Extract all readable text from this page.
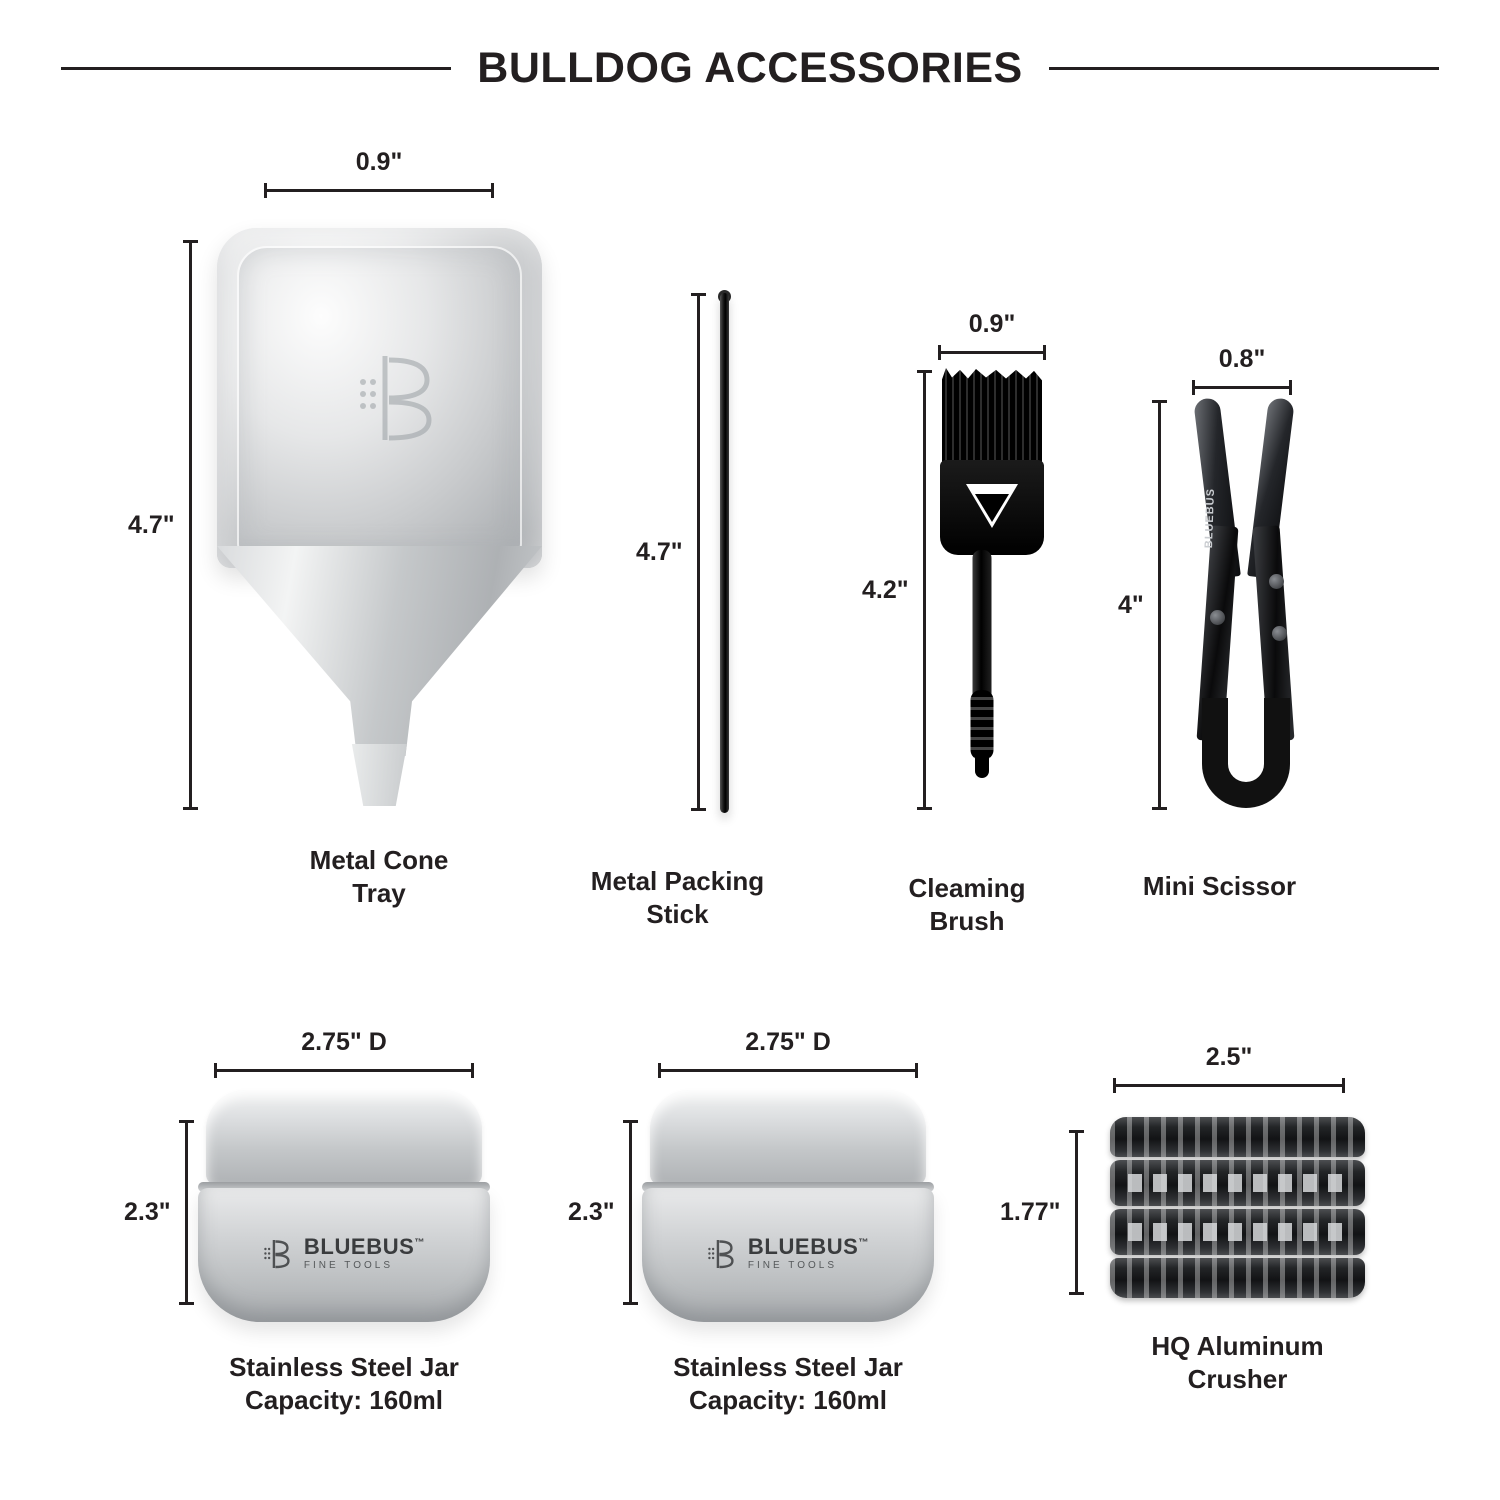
BULLDOG ACCESSORIES
0.9"
4.7"
Metal Cone
Tray
4.7"
Metal Packing
Stick
0.9"
4.2"
Cleaming
Brush
0.8"
4"
BLUEBUS
Mini Scissor
2.75" D
2.3"
BLUEBUS™
FINE TOOLS
Stainless Steel Jar
Capacity: 160ml
2.75" D
2.3"
BLUEBUS™
FINE TOOLS
Stainless Steel Jar
Capacity: 160ml
2.5"
1.77"
HQ Aluminum
Crusher
